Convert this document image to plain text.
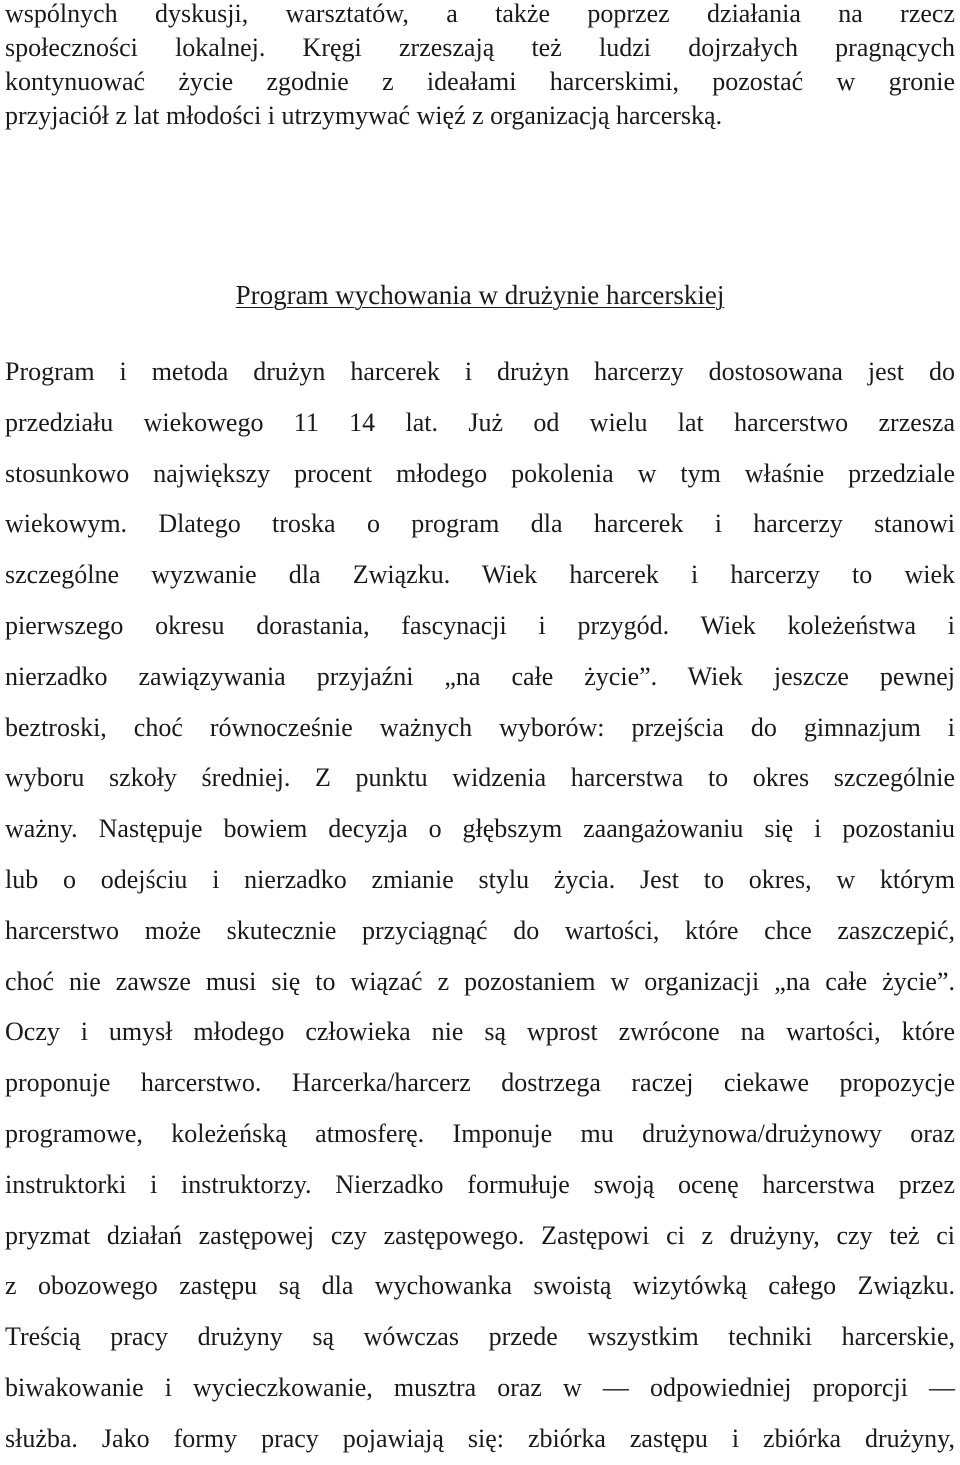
wspólnych dyskusji, warsztatów, a także poprzez działania na rzecz
społeczności lokalnej. Kręgi zrzeszają też ludzi dojrzałych pragnących
kontynuować życie zgodnie z ideałami harcerskimi, pozostać w gronie
przyjaciół z lat młodości i utrzymywać więź z organizacją harcerską.
Program wychowania w drużynie harcerskiej
Program i metoda drużyn harcerek i drużyn harcerzy dostosowana jest do
przedziału wiekowego 11 14 lat. Już od wielu lat harcerstwo zrzesza
stosunkowo największy procent młodego pokolenia w tym właśnie przedziale
wiekowym. Dlatego troska o program dla harcerek i harcerzy stanowi
szczególne wyzwanie dla Związku. Wiek harcerek i harcerzy to wiek
pierwszego okresu dorastania, fascynacji i przygód. Wiek koleżeństwa i
nierzadko zawiązywania przyjaźni „na całe życie”. Wiek jeszcze pewnej
beztroski, choć równocześnie ważnych wyborów: przejścia do gimnazjum i
wyboru szkoły średniej. Z punktu widzenia harcerstwa to okres szczególnie
ważny. Następuje bowiem decyzja o głębszym zaangażowaniu się i pozostaniu
lub o odejściu i nierzadko zmianie stylu życia. Jest to okres, w którym
harcerstwo może skutecznie przyciągnąć do wartości, które chce zaszczepić,
choć nie zawsze musi się to wiązać z pozostaniem w organizacji „na całe życie”.
Oczy i umysł młodego człowieka nie są wprost zwrócone na wartości, które
proponuje harcerstwo. Harcerka/harcerz dostrzega raczej ciekawe propozycje
programowe, koleżeńską atmosferę. Imponuje mu drużynowa/drużynowy oraz
instruktorki i instruktorzy. Nierzadko formułuje swoją ocenę harcerstwa przez
pryzmat działań zastępowej czy zastępowego. Zastępowi ci z drużyny, czy też ci
z obozowego zastępu są dla wychowanka swoistą wizytówką całego Związku.
Treścią pracy drużyny są wówczas przede wszystkim techniki harcerskie,
biwakowanie i wycieczkowanie, musztra oraz w — odpowiedniej proporcji —
służba. Jako formy pracy pojawiają się: zbiórka zastępu i zbiórka drużyny,
